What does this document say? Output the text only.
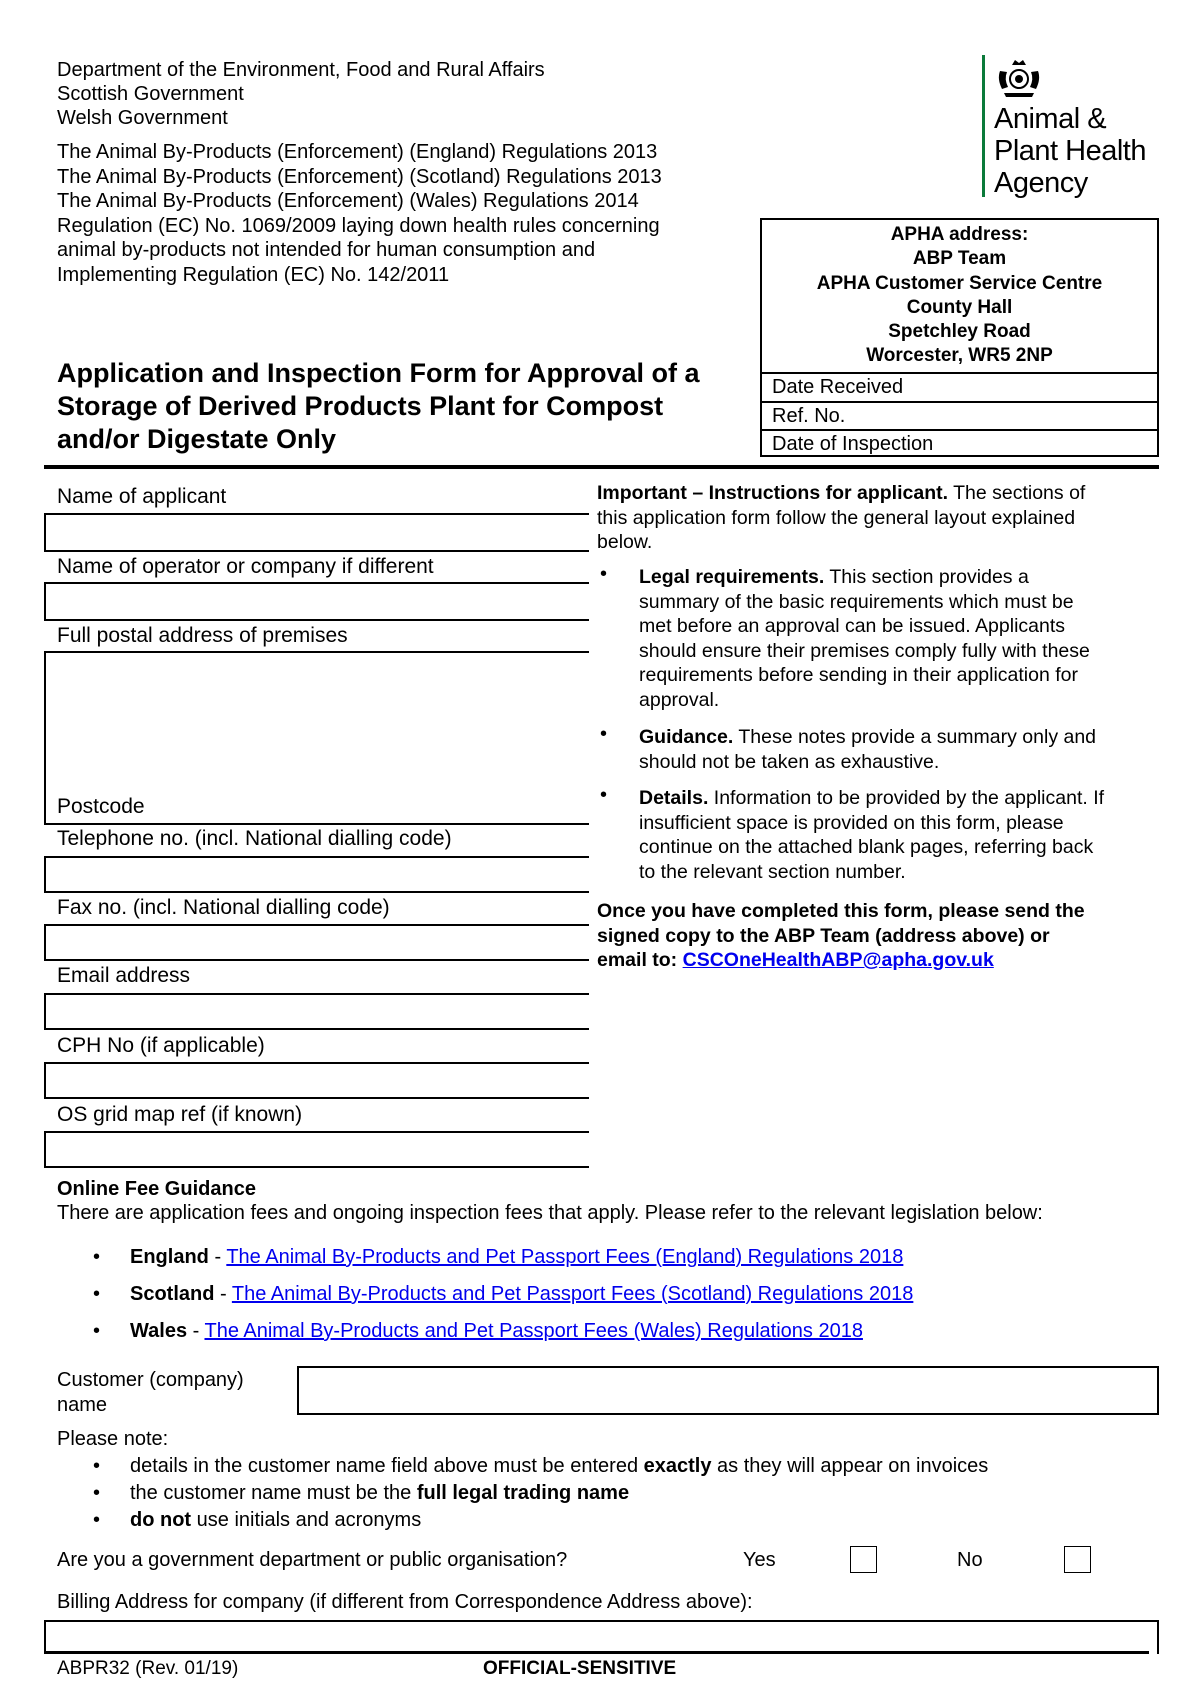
Department of the Environment, Food and Rural Affairs
Scottish Government
Welsh Government
The Animal By-Products (Enforcement) (England) Regulations 2013
The Animal By-Products (Enforcement) (Scotland) Regulations 2013
The Animal By-Products (Enforcement) (Wales) Regulations 2014
Regulation (EC) No. 1069/2009 laying down health rules concerning
animal by-products not intended for human consumption and
Implementing Regulation (EC) No. 142/2011
Animal &
Plant Health
Agency
APHA address:
ABP Team
APHA Customer Service Centre
County Hall
Spetchley Road
Worcester, WR5 2NP
Date Received
Ref. No.
Date of Inspection
Application and Inspection Form for Approval of a
Storage of Derived Products Plant for Compost
and/or Digestate Only
Name of applicant
Name of operator or company if different
Full postal address of premises
Postcode
Telephone no. (incl. National dialling code)
Fax no. (incl. National dialling code)
Email address
CPH No (if applicable)
OS grid map ref (if known)
Important – Instructions for applicant. The sections of
this application form follow the general layout explained
below.
• Legal requirements. This section provides a
summary of the basic requirements which must be
met before an approval can be issued. Applicants
should ensure their premises comply fully with these
requirements before sending in their application for
approval.
• Guidance. These notes provide a summary only and
should not be taken as exhaustive.
• Details. Information to be provided by the applicant. If
insufficient space is provided on this form, please
continue on the attached blank pages, referring back
to the relevant section number.
Once you have completed this form, please send the
signed copy to the ABP Team (address above) or
email to: CSCOneHealthABP@apha.gov.uk
Online Fee Guidance
There are application fees and ongoing inspection fees that apply. Please refer to the relevant legislation below:
• England - The Animal By-Products and Pet Passport Fees (England) Regulations 2018
• Scotland - The Animal By-Products and Pet Passport Fees (Scotland) Regulations 2018
• Wales - The Animal By-Products and Pet Passport Fees (Wales) Regulations 2018
Customer (company)
name
Please note:
• details in the customer name field above must be entered exactly as they will appear on invoices
• the customer name must be the full legal trading name
• do not use initials and acronyms
Are you a government department or public organisation?	Yes	No
Billing Address for company (if different from Correspondence Address above):
ABPR32 (Rev. 01/19)	OFFICIAL-SENSITIVE
